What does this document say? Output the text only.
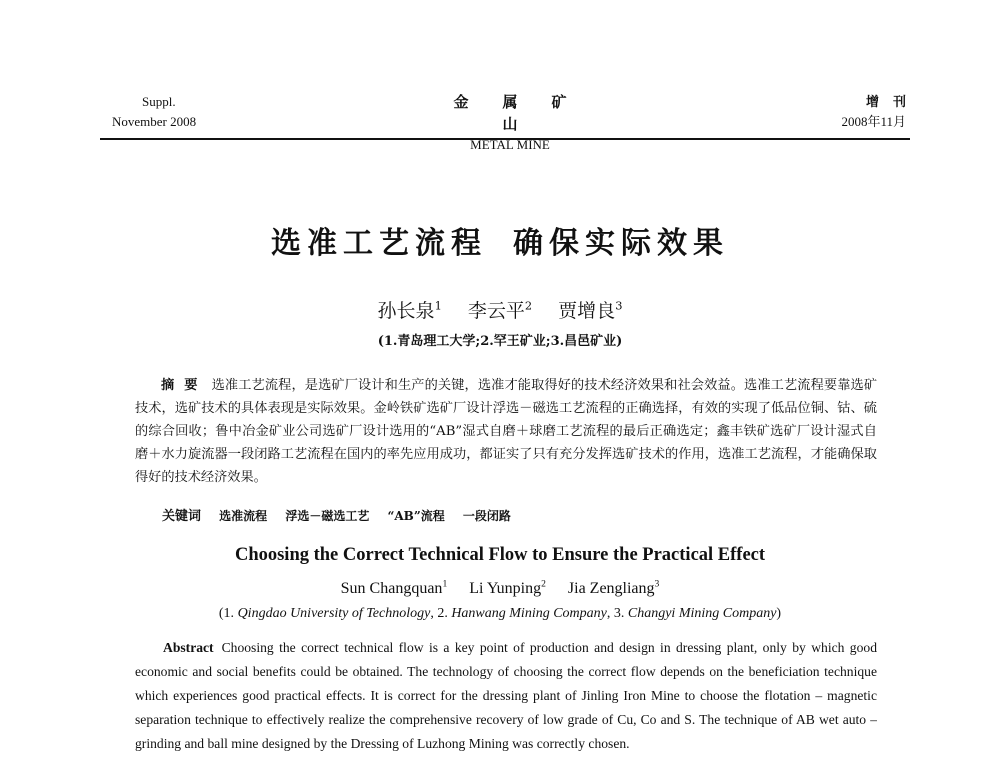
Suppl.
November 2008
金属矿山
METAL MINE
增刊
2008年11月
选准工艺流程 确保实际效果
孙长泉$^1$ 李云平$^2$ 贾增良$^3$
(1.青岛理工大学;2.罕王矿业;3.昌邑矿业)
摘要 选准工艺流程，是选矿厂设计和生产的关键，选准才能取得好的技术经济效果和社会效益。选准工艺流程要靠选矿技术，选矿技术的具体表现是实际效果。金岭铁矿选矿厂设计浮选－磁选工艺流程的正确选择，有效的实现了低品位铜、钴、硫的综合回收；鲁中冶金矿业公司选矿厂设计选用的“AB”湿式自磨＋球磨工艺流程的最后正确选定；鑫丰铁矿选矿厂设计湿式自磨＋水力旋流器一段闭路工艺流程在国内的率先应用成功，都证实了只有充分发挥选矿技术的作用，选准工艺流程，才能确保取得好的技术经济效果。
关键词 选准流程 浮选－磁选工艺 “AB”流程 一段闭路
Choosing the Correct Technical Flow to Ensure the Practical Effect
Sun Changquan$^1$ Li Yunping$^2$ Jia Zengliang$^3$
(1. Qingdao University of Technology, 2. Hanwang Mining Company, 3. Changyi Mining Company)
Abstract Choosing the correct technical flow is a key point of production and design in dressing plant, only by which good economic and social benefits could be obtained. The technology of choosing the correct flow depends on the beneficiation technique which experiences good practical effects. It is correct for the dressing plant of Jinling Iron Mine to choose the flotation – magnetic separation technique to effectively realize the comprehensive recovery of low grade of Cu, Co and S. The technique of AB wet auto – grinding and ball mine designed by the Dressing of Luzhong Mining was correctly chosen.
